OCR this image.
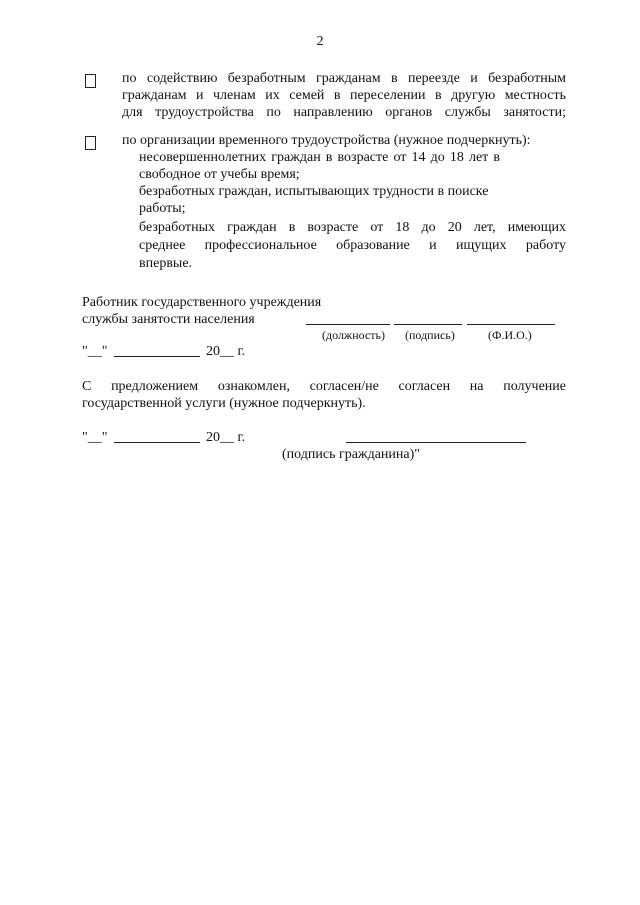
2
по содействию безработным гражданам в переезде и безработным
гражданам и членам их семей в переселении в другую местность
для трудоустройства по направлению органов службы занятости;
по организации временного трудоустройства (нужное подчеркнуть):
несовершеннолетних граждан в возрасте от 14 до 18 лет в
свободное от учебы время;
безработных граждан, испытывающих трудности в поиске
работы;
безработных граждан в возрасте от 18 до 20 лет, имеющих
среднее профессиональное образование и ищущих работу
впервые.
Работник государственного учреждения
службы занятости населения
(должность) (подпись)	(Ф.И.О.)
"__"	20__ г.
С предложением ознакомлен, согласен/не согласен на получение
государственной услуги (нужное подчеркнуть).
"__"	20__ г.
(подпись гражданина)"
